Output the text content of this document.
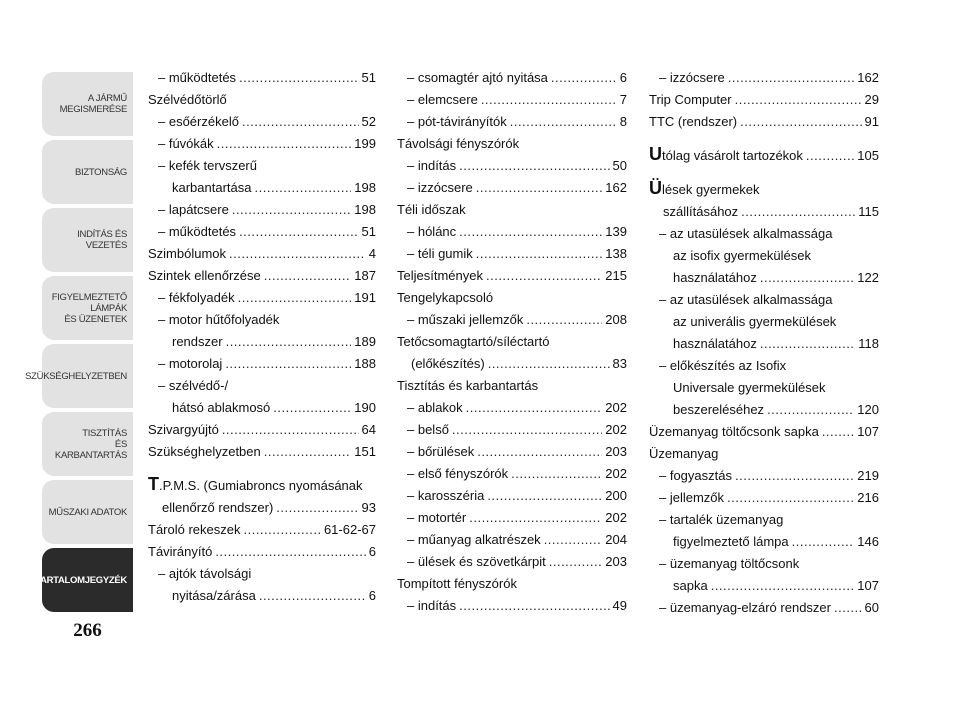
A JÁRMŰ
MEGISMERÉSE
BIZTONSÁG
INDÍTÁS ÉS VEZETÉS
FIGYELMEZTETŐ
LÁMPÁK
ÉS ÜZENETEK
SZÜKSÉGHELYZETBEN
TISZTÍTÁS
ÉS KARBANTARTÁS
MŰSZAKI ADATOK
TARTALOMJEGYZÉK
266
– működtetés .....	51
Szélvédőtörlő
– esőérzékelő .....	52
– fúvókák .....	199
– kefék tervszerű
karbantartása .....	198
– lapátcsere .....	198
– működtetés .....	51
Szimbólumok .....	4
Szintek ellenőrzése .....	187
– fékfolyadék .....	191
– motor hűtőfolyadék
rendszer .....	189
– motorolaj .....	188
– szélvédő-/
hátsó ablakmosó .....	190
Szivargyújtó .....	64
Szükséghelyzetben .....	151
T.P.M.S. (Gumiabroncs nyomásának
ellenőrző rendszer) .....	93
Tároló rekeszek .....	61-62-67
Távirányító .....	6
– ajtók távolsági
nyitása/zárása .....	6
– csomagtér ajtó nyitása .....	6
– elemcsere .....	7
– pót-távirányítók .....	8
Távolsági fényszórók
– indítás .....	50
– izzócsere .....	162
Téli időszak
– hólánc .....	139
– téli gumik .....	138
Teljesítmények .....	215
Tengelykapcsoló
– műszaki jellemzők .....	208
Tetőcsomagtartó/síléctartó
(előkészítés) .....	83
Tisztítás és karbantartás
– ablakok .....	202
– belső .....	202
– bőrülések .....	203
– első fényszórók .....	202
– karosszéria .....	200
– motortér .....	202
– műanyag alkatrészek .....	204
– ülések és szövetkárpit .....	203
Tompított fényszórók
– indítás .....	49
– izzócsere .....	162
Trip Computer .....	29
TTC (rendszer) .....	91
Utólag vásárolt tartozékok .....	105
Ülések gyermekek
szállításához .....	115
– az utasülések alkalmassága
az isofix gyermekülések
használatához .....	122
– az utasülések alkalmassága
az univerális gyermekülések
használatához .....	118
– előkészítés az Isofix
Universale gyermekülések
beszereléséhez .....	120
Üzemanyag töltőcsonk sapka .....	107
Üzemanyag
– fogyasztás .....	219
– jellemzők .....	216
– tartalék üzemanyag
figyelmeztető lámpa .....	146
– üzemanyag töltőcsonk
sapka .....	107
– üzemanyag-elzáró rendszer .....	60
